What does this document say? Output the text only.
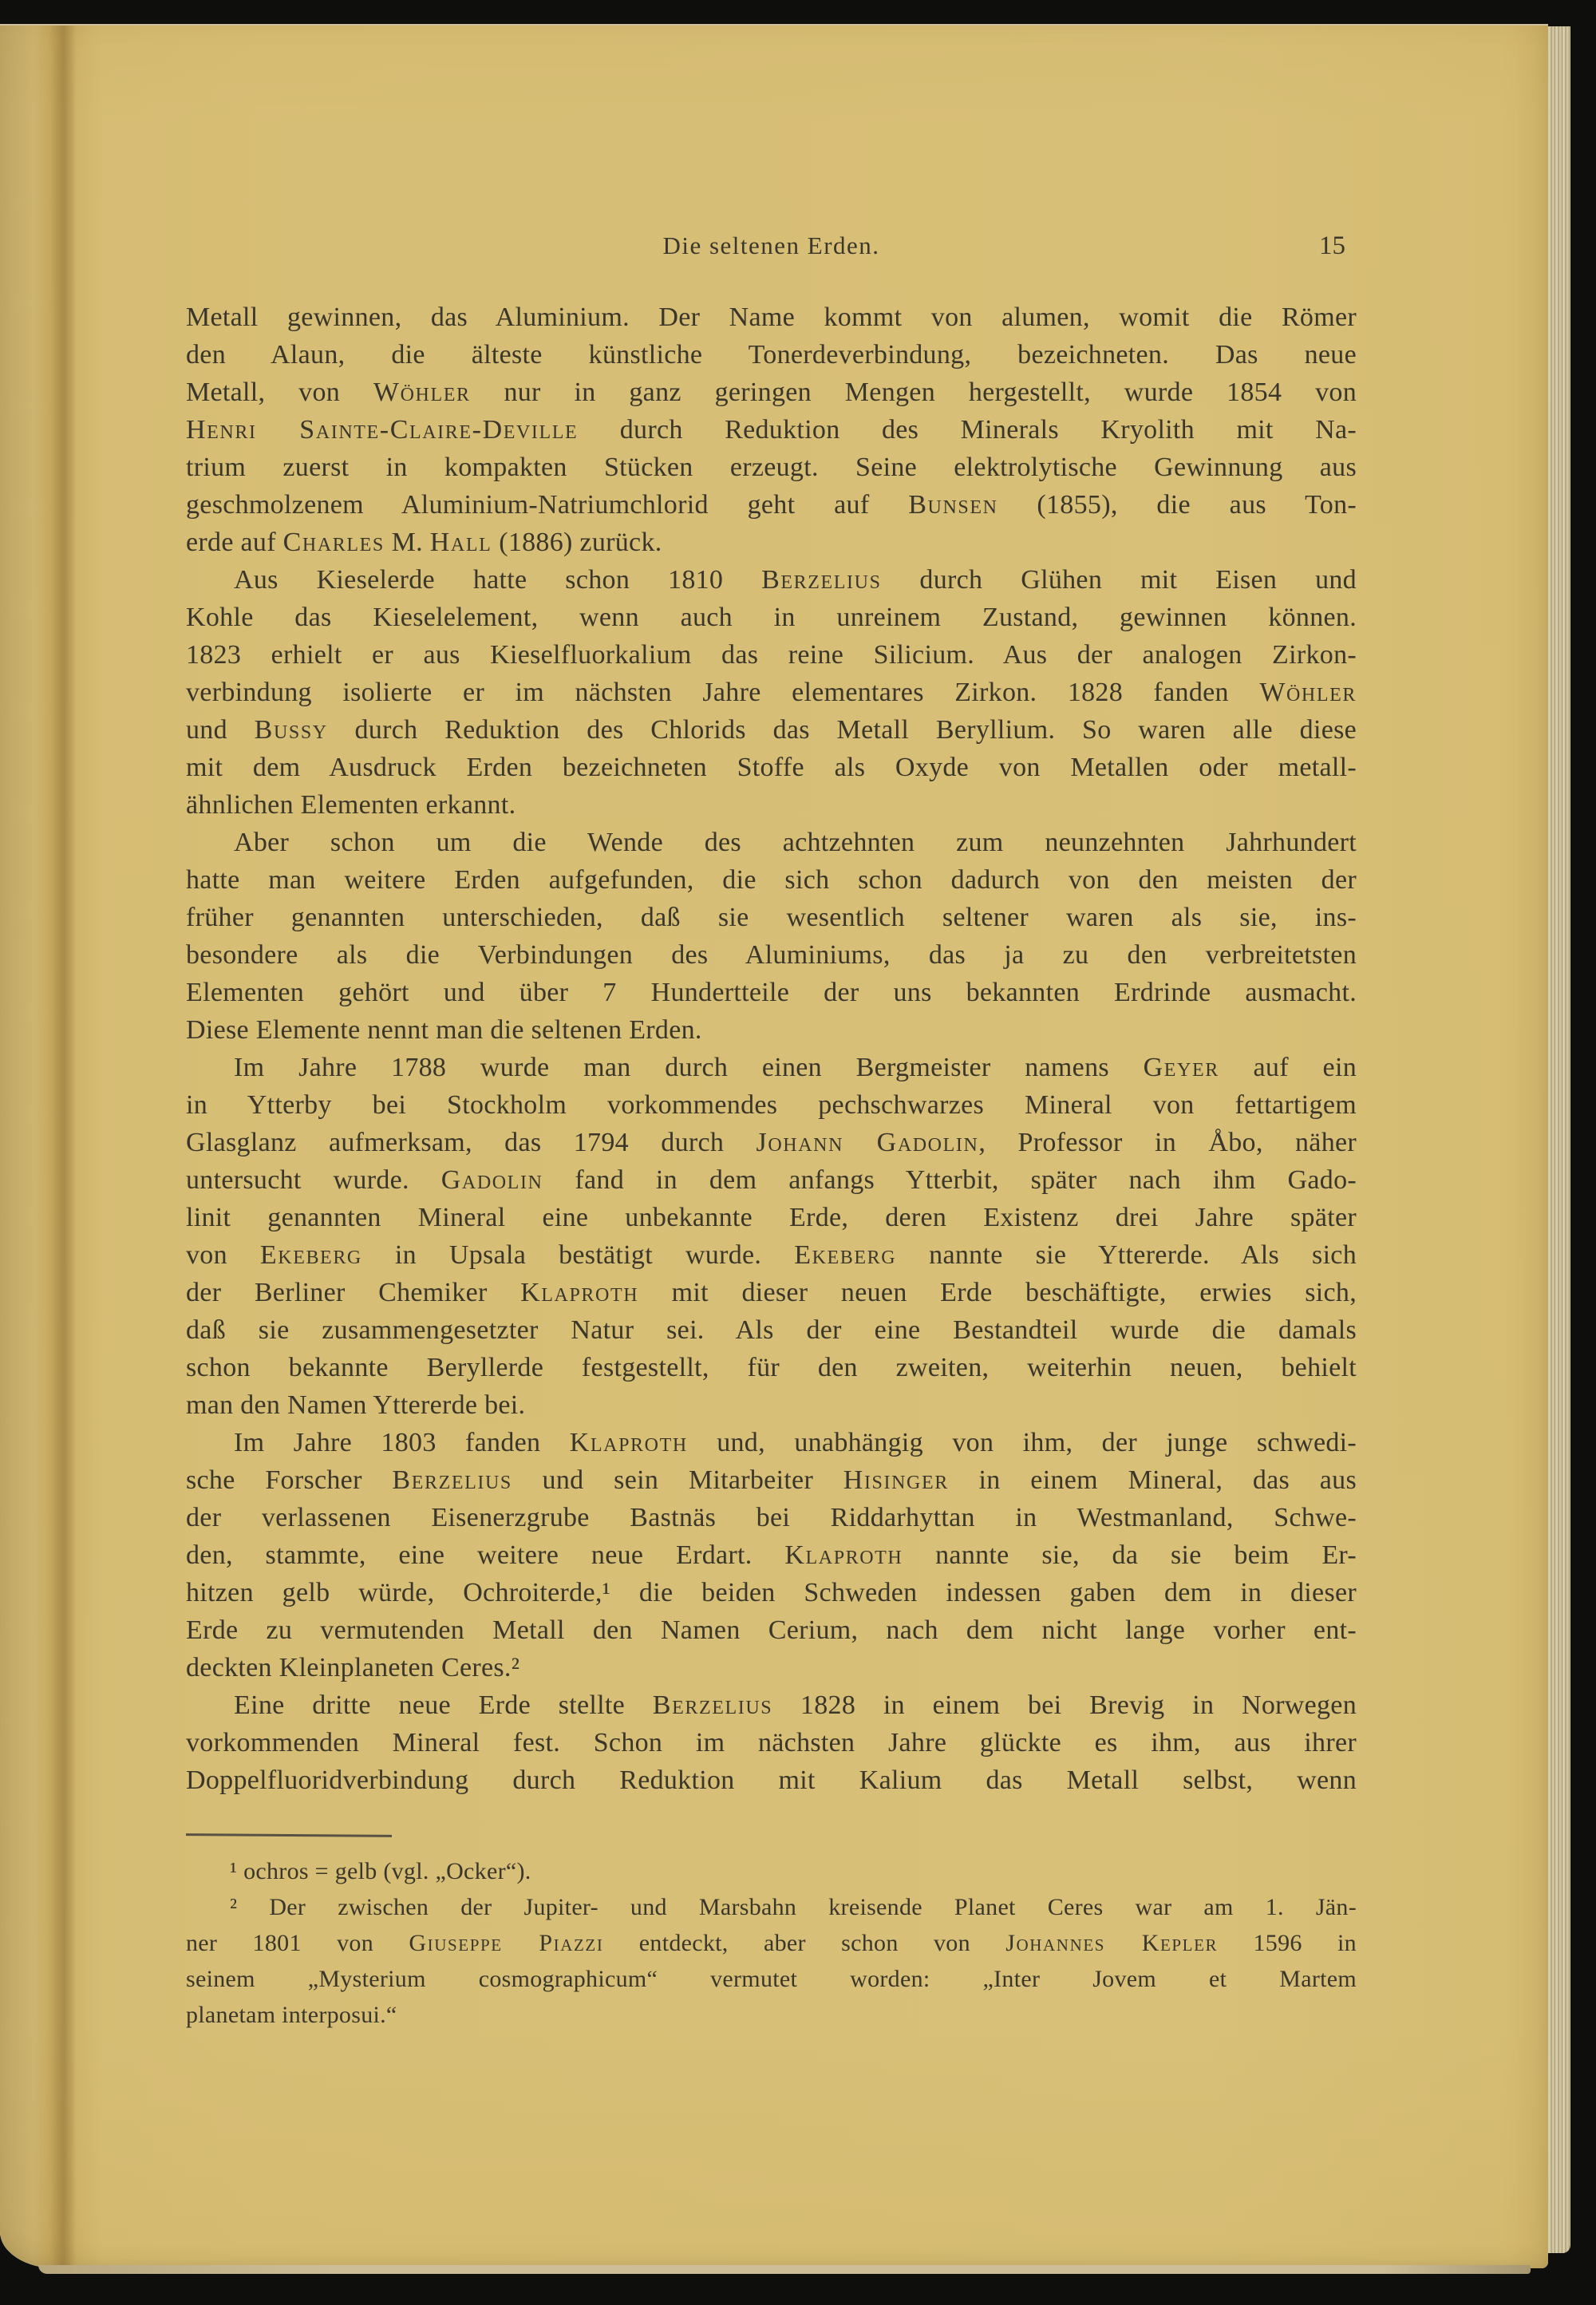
Die seltenen Erden.	15
Metall gewinnen, das Aluminium. Der Name kommt von alumen, womit die Römer
den Alaun, die älteste künstliche Tonerdeverbindung, bezeichneten. Das neue
Metall, von Wöhler nur in ganz geringen Mengen hergestellt, wurde 1854 von
Henri Sainte-Claire-Deville durch Reduktion des Minerals Kryolith mit Na-
trium zuerst in kompakten Stücken erzeugt. Seine elektrolytische Gewinnung aus
geschmolzenem Aluminium-Natriumchlorid geht auf Bunsen (1855), die aus Ton-
erde auf Charles M. Hall (1886) zurück.
Aus Kieselerde hatte schon 1810 Berzelius durch Glühen mit Eisen und
Kohle das Kieselelement, wenn auch in unreinem Zustand, gewinnen können.
1823 erhielt er aus Kieselfluorkalium das reine Silicium. Aus der analogen Zirkon-
verbindung isolierte er im nächsten Jahre elementares Zirkon. 1828 fanden Wöhler
und Bussy durch Reduktion des Chlorids das Metall Beryllium. So waren alle diese
mit dem Ausdruck Erden bezeichneten Stoffe als Oxyde von Metallen oder metall-
ähnlichen Elementen erkannt.
Aber schon um die Wende des achtzehnten zum neunzehnten Jahrhundert
hatte man weitere Erden aufgefunden, die sich schon dadurch von den meisten der
früher genannten unterschieden, daß sie wesentlich seltener waren als sie, ins-
besondere als die Verbindungen des Aluminiums, das ja zu den verbreitetsten
Elementen gehört und über 7 Hundertteile der uns bekannten Erdrinde ausmacht.
Diese Elemente nennt man die seltenen Erden.
Im Jahre 1788 wurde man durch einen Bergmeister namens Geyer auf ein
in Ytterby bei Stockholm vorkommendes pechschwarzes Mineral von fettartigem
Glasglanz aufmerksam, das 1794 durch Johann Gadolin, Professor in Åbo, näher
untersucht wurde. Gadolin fand in dem anfangs Ytterbit, später nach ihm Gado-
linit genannten Mineral eine unbekannte Erde, deren Existenz drei Jahre später
von Ekeberg in Upsala bestätigt wurde. Ekeberg nannte sie Yttererde. Als sich
der Berliner Chemiker Klaproth mit dieser neuen Erde beschäftigte, erwies sich,
daß sie zusammengesetzter Natur sei. Als der eine Bestandteil wurde die damals
schon bekannte Beryllerde festgestellt, für den zweiten, weiterhin neuen, behielt
man den Namen Yttererde bei.
Im Jahre 1803 fanden Klaproth und, unabhängig von ihm, der junge schwedi-
sche Forscher Berzelius und sein Mitarbeiter Hisinger in einem Mineral, das aus
der verlassenen Eisenerzgrube Bastnäs bei Riddarhyttan in Westmanland, Schwe-
den, stammte, eine weitere neue Erdart. Klaproth nannte sie, da sie beim Er-
hitzen gelb würde, Ochroiterde,¹ die beiden Schweden indessen gaben dem in dieser
Erde zu vermutenden Metall den Namen Cerium, nach dem nicht lange vorher ent-
deckten Kleinplaneten Ceres.²
Eine dritte neue Erde stellte Berzelius 1828 in einem bei Brevig in Norwegen
vorkommenden Mineral fest. Schon im nächsten Jahre glückte es ihm, aus ihrer
Doppelfluoridverbindung durch Reduktion mit Kalium das Metall selbst, wenn
¹ ochros = gelb (vgl. „Ocker“).
² Der zwischen der Jupiter- und Marsbahn kreisende Planet Ceres war am 1. Jän-
ner 1801 von Giuseppe Piazzi entdeckt, aber schon von Johannes Kepler 1596 in
seinem „Mysterium cosmographicum“ vermutet worden: „Inter Jovem et Martem
planetam interposui.“
